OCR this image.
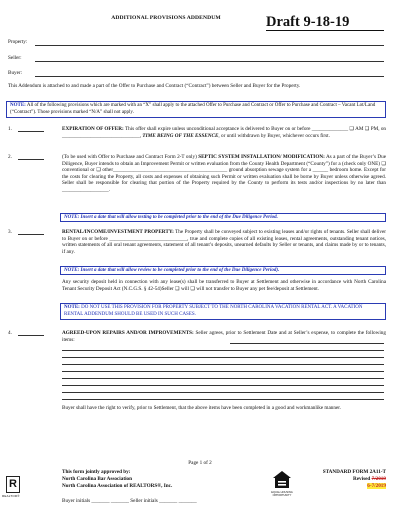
ADDITIONAL PROVISIONS ADDENDUM	Draft 9-18-19
Property:
Seller:
Buyer:
This Addendum is attached to and made a part of the Offer to Purchase and Contract (“Contract”) between Seller and Buyer for the Property.
NOTE: All of the following provisions which are marked with an “X” shall apply to the attached Offer to Purchase and Contract or Offer to Purchase and Contract – Vacant Lot/Land (“Contract”). Those provisions marked “N/A” shall not apply.
1.	EXPIRATION OF OFFER: This offer shall expire unless unconditional acceptance is delivered to Buyer on or before ______________ ❑ AM ❑ PM, on ______________________________, TIME BEING OF THE ESSENCE, or until withdrawn by Buyer, whichever occurs first.
2.	(To be used with Offer to Purchase and Contract Form 2-T only) SEPTIC SYSTEM INSTALLATION/ MODIFICATION: As a part of the Buyer’s Due Diligence, Buyer intends to obtain an Improvement Permit or written evaluation from the County Health Department (“County”) for a (check only ONE) ❑ conventional or ❑ other____________________________________________ ground absorption sewage system for a ______ bedroom home. Except for the costs for clearing the Property, all costs and expenses of obtaining such Permit or written evaluation shall be borne by Buyer unless otherwise agreed. Seller shall be responsible for clearing that portion of the Property required by the County to perform its tests and/or inspections by no later than __________________.
NOTE: Insert a date that will allow testing to be completed prior to the end of the Due Diligence Period.
3.	RENTAL/INCOME/INVESTMENT PROPERTY: The Property shall be conveyed subject to existing leases and/or rights of tenants. Seller shall deliver to Buyer on or before ______________________________, true and complete copies of all existing leases, rental agreements, outstanding tenant notices, written statements of all oral tenant agreements, statement of all tenant’s deposits, unearned defaults by Seller or tenants, and claims made by or to tenants, if any.
NOTE: Insert a date that will allow review to be completed prior to the end of the Due Diligence Period).
Any security deposit held in connection with any lease(s) shall be transferred to Buyer at Settlement and otherwise in accordance with North Carolina Tenant Security Deposit Act (N.C.G.S. § 42-54)Seller ❑ will ❑ will not transfer to Buyer any pet fee/deposit at Settlement.
NOTE: DO NOT USE THIS PROVISION FOR PROPERTY SUBJECT TO THE NORTH CAROLINA VACATION RENTAL ACT. A VACATION RENTAL ADDENDUM SHOULD BE USED IN SUCH CASES.
4.	AGREED-UPON REPAIRS AND/OR IMPROVEMENTS: Seller agrees, prior to Settlement Date and at Seller’s expense, to complete the following items:
Buyer shall have the right to verify, prior to Settlement, that the above items have been completed in a good and workmanlike manner.
Page 1 of 2
R
REALTOR®
This form jointly approved by:
North Carolina Bar Association
North Carolina Association of REALTORS®, Inc.
Buyer initials _______ _______ Seller initials _______ _______
EQUAL HOUSING OPPORTUNITY
STANDARD FORM 2A11-T
Revised 7/2019
6-7/2019
